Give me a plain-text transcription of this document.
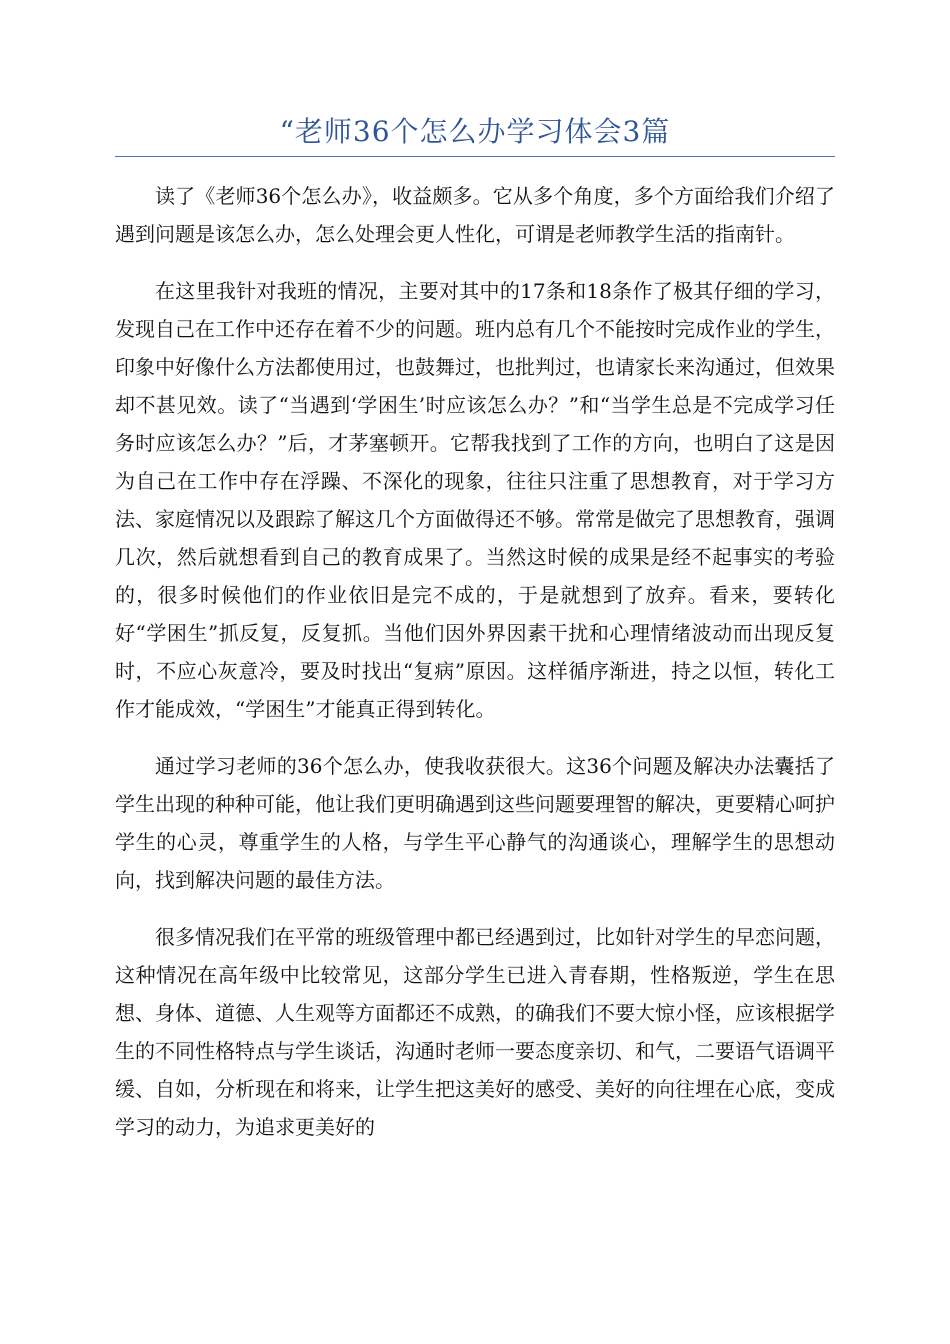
“老师36个怎么办学习体会3篇

读了《老师36个怎么办》，收益颇多。它从多个角度，多个方面给我们介绍了遇到问题是该怎么办，怎么处理会更人性化，可谓是老师教学生活的指南针。

在这里我针对我班的情况，主要对其中的17条和18条作了极其仔细的学习，发现自己在工作中还存在着不少的问题。班内总有几个不能按时完成作业的学生，印象中好像什么方法都使用过，也鼓舞过，也批判过，也请家长来沟通过，但效果却不甚见效。读了“当遇到‘学困生’时应该怎么办？”和“当学生总是不完成学习任务时应该怎么办？”后，才茅塞顿开。它帮我找到了工作的方向，也明白了这是因为自己在工作中存在浮躁、不深化的现象，往往只注重了思想教育，对于学习方法、家庭情况以及跟踪了解这几个方面做得还不够。常常是做完了思想教育，强调几次，然后就想看到自己的教育成果了。当然这时候的成果是经不起事实的考验的，很多时候他们的作业依旧是完不成的，于是就想到了放弃。看来，要转化好“学困生”抓反复，反复抓。当他们因外界因素干扰和心理情绪波动而出现反复时，不应心灰意冷，要及时找出“复病”原因。这样循序渐进，持之以恒，转化工作才能成效，“学困生”才能真正得到转化。

通过学习老师的36个怎么办，使我收获很大。这36个问题及解决办法囊括了学生出现的种种可能，他让我们更明确遇到这些问题要理智的解决，更要精心呵护学生的心灵，尊重学生的人格，与学生平心静气的沟通谈心，理解学生的思想动向，找到解决问题的最佳方法。

很多情况我们在平常的班级管理中都已经遇到过，比如针对学生的早恋问题，这种情况在高年级中比较常见，这部分学生已进入青春期，性格叛逆，学生在思想、身体、道德、人生观等方面都还不成熟，的确我们不要大惊小怪，应该根据学生的不同性格特点与学生谈话，沟通时老师一要态度亲切、和气，二要语气语调平缓、自如，分析现在和将来，让学生把这美好的感受、美好的向往埋在心底，变成学习的动力，为追求更美好的
